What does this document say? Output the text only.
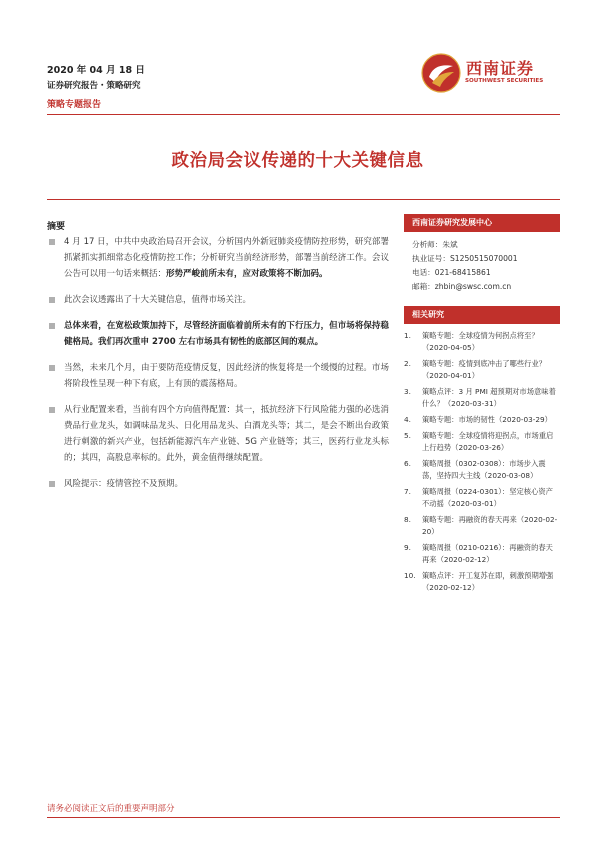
2020 年 04 月 18 日
证券研究报告・策略研究
策略专题报告
西南证券
SOUTHWEST SECURITIES
政治局会议传递的十大关键信息
摘要
4 月 17 日，中共中央政治局召开会议，分析国内外新冠肺炎疫情防控形势，研究部署抓紧抓实抓细常态化疫情防控工作；分析研究当前经济形势，部署当前经济工作。会议公告可以用一句话来概括：形势严峻前所未有，应对政策将不断加码。
此次会议透露出了十大关键信息，值得市场关注。
总体来看，在宽松政策加持下，尽管经济面临着前所未有的下行压力，但市场将保持稳健格局。我们再次重申 2700 左右市场具有韧性的底部区间的观点。
当然，未来几个月，由于要防范疫情反复，因此经济的恢复将是一个缓慢的过程。市场将阶段性呈现一种下有底，上有顶的震荡格局。
从行业配置来看，当前有四个方向值得配置：其一，抵抗经济下行风险能力强的必选消费品行业龙头，如调味品龙头、日化用品龙头、白酒龙头等；其二，是会不断出台政策进行刺激的新兴产业，包括新能源汽车产业链、5G 产业链等；其三，医药行业龙头标的；其四，高股息率标的。此外，黄金值得继续配置。
风险提示：疫情管控不及预期。
西南证券研究发展中心
分析师：朱斌
执业证号：S1250515070001
电话：021-68415861
邮箱：zhbin@swsc.com.cn
相关研究
1.	策略专题：全球疫情为何拐点将至？（2020-04-05）
2.	策略专题：疫情到底冲击了哪些行业？（2020-04-01）
3.	策略点评：3 月 PMI 超预期对市场意味着什么？（2020-03-31）
4.	策略专题：市场的韧性（2020-03-29）
5.	策略专题：全球疫情将迎拐点，市场重启上行趋势（2020-03-26）
6.	策略周报（0302-0308）：市场步入震荡，坚持四大主线（2020-03-08）
7.	策略周报（0224-0301）：坚定核心资产不动摇（2020-03-01）
8.	策略专题：再融资的春天再来（2020-02-20）
9.	策略周报（0210-0216）：再融资的春天再来（2020-02-12）
10. 策略点评：开工复苏在即，刺激预期增强（2020-02-12）
请务必阅读正文后的重要声明部分
